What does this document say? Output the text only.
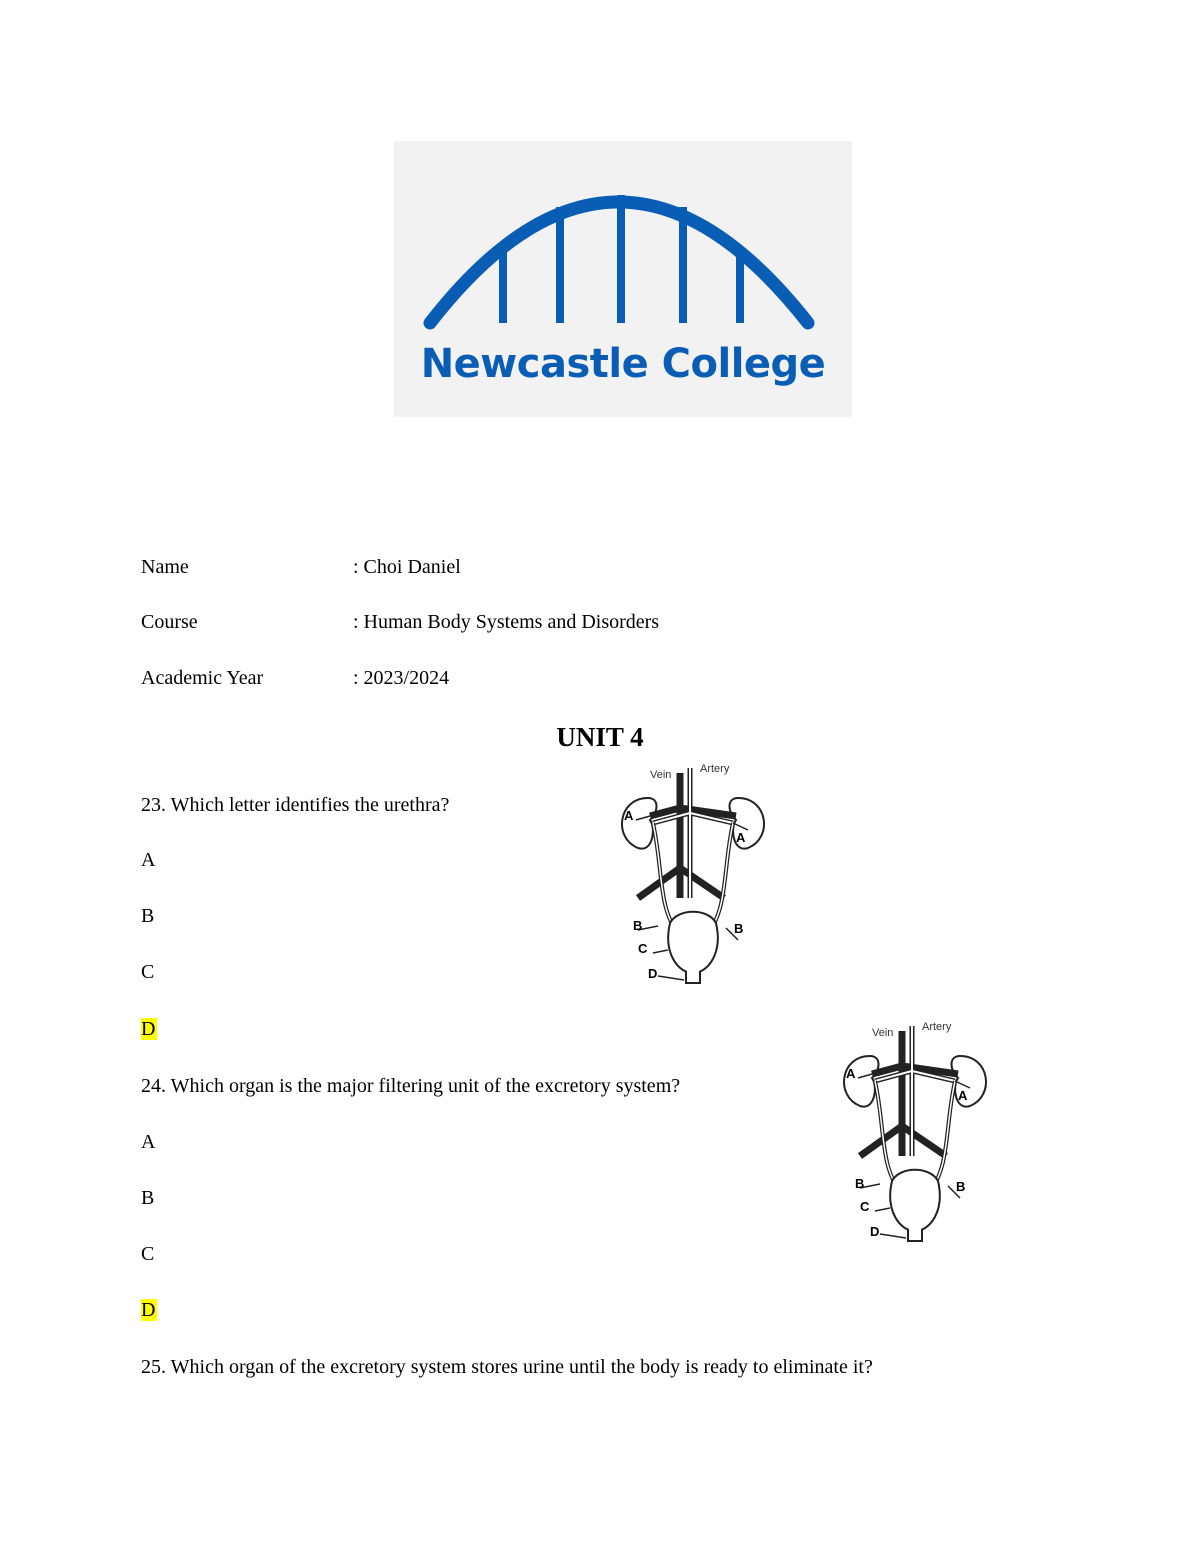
Newcastle College
Name	: Choi Daniel
Course	: Human Body Systems and Disorders
Academic Year	: 2023/2024
UNIT 4
Vein	Artery
A
A
B	B
C
D
23. Which letter identifies the urethra?
A
B
C
D	Vein	Artery
A
A
B	B
C
D
24. Which organ is the major filtering unit of the excretory system?
A
B
C
D
25. Which organ of the excretory system stores urine until the body is ready to eliminate it?
